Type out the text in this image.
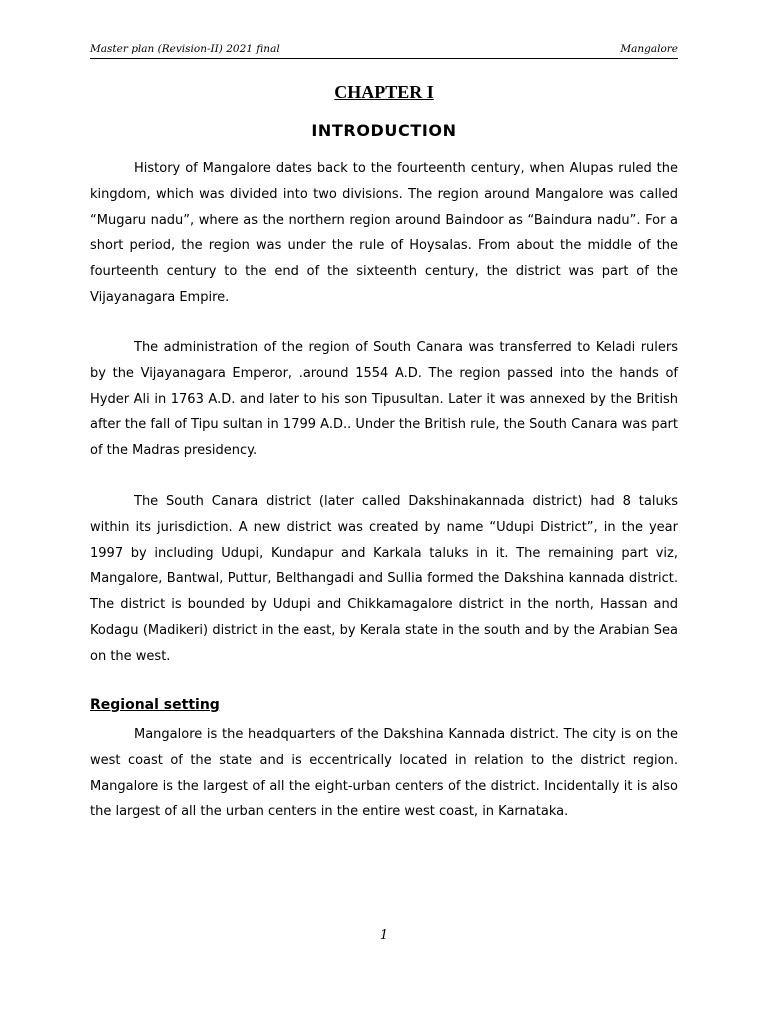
Master plan (Revision-II) 2021 final	Mangalore
CHAPTER I
INTRODUCTION

History of Mangalore dates back to the fourteenth century, when Alupas ruled the kingdom, which was divided into two divisions. The region around Mangalore was called “Mugaru nadu”, where as the northern region around Baindoor as “Baindura nadu”. For a short period, the region was under the rule of Hoysalas. From about the middle of the fourteenth century to the end of the sixteenth century, the district was part of the Vijayanagara Empire.

The administration of the region of South Canara was transferred to Keladi rulers by the Vijayanagara Emperor, .around 1554 A.D. The region passed into the hands of Hyder Ali in 1763 A.D. and later to his son Tipusultan. Later it was annexed by the British after the fall of Tipu sultan in 1799 A.D.. Under the British rule, the South Canara was part of the Madras presidency.

The South Canara district (later called Dakshinakannada district) had 8 taluks within its jurisdiction. A new district was created by name “Udupi District”, in the year 1997 by including Udupi, Kundapur and Karkala taluks in it. The remaining part viz, Mangalore, Bantwal, Puttur, Belthangadi and Sullia formed the Dakshina kannada district. The district is bounded by Udupi and Chikkamagalore district in the north, Hassan and Kodagu (Madikeri) district in the east, by Kerala state in the south and by the Arabian Sea on the west.

Regional setting

Mangalore is the headquarters of the Dakshina Kannada district. The city is on the west coast of the state and is eccentrically located in relation to the district region. Mangalore is the largest of all the eight-urban centers of the district. Incidentally it is also the largest of all the urban centers in the entire west coast, in Karnataka.

1
